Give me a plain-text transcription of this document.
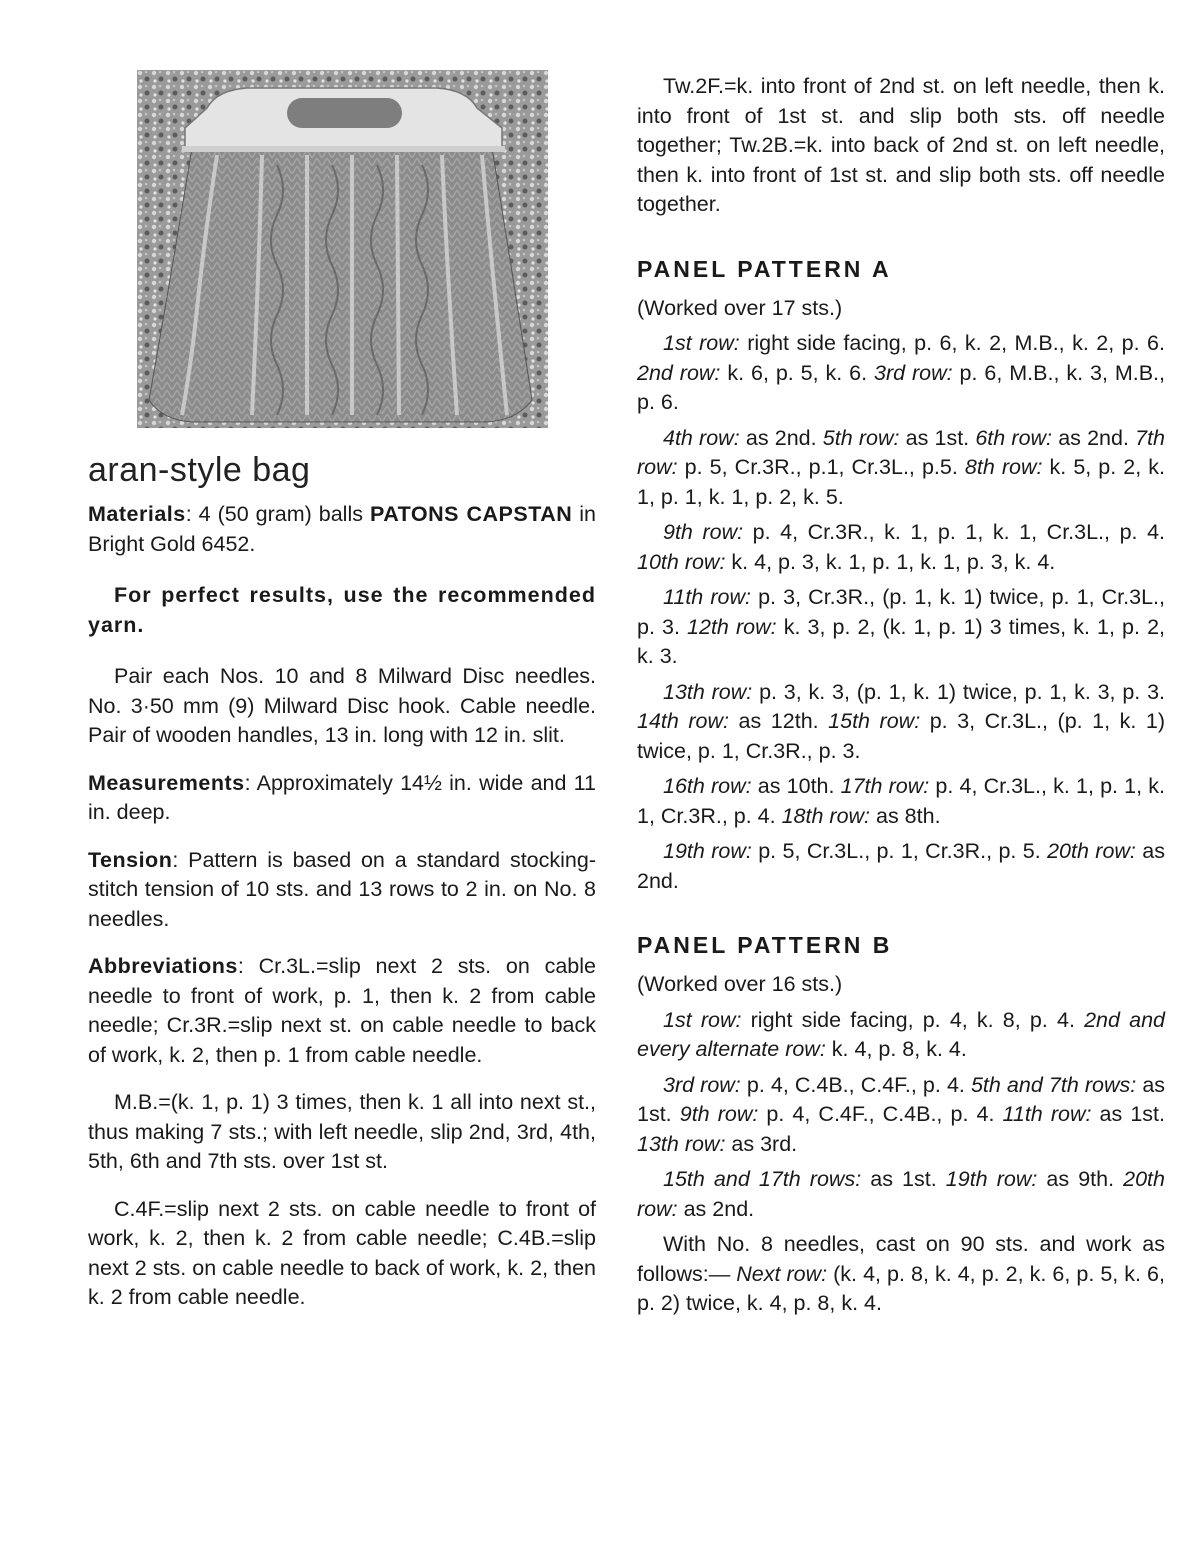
aran-style bag

Materials: 4 (50 gram) balls PATONS CAPSTAN in Bright Gold 6452.

For perfect results, use the recommended yarn.

Pair each Nos. 10 and 8 Milward Disc needles. No. 3·50 mm (9) Milward Disc hook. Cable needle. Pair of wooden handles, 13 in. long with 12 in. slit.

Measurements: Approximately 14½ in. wide and 11 in. deep.

Tension: Pattern is based on a standard stocking-stitch tension of 10 sts. and 13 rows to 2 in. on No. 8 needles.

Abbreviations: Cr.3L.=slip next 2 sts. on cable needle to front of work, p. 1, then k. 2 from cable needle; Cr.3R.=slip next st. on cable needle to back of work, k. 2, then p. 1 from cable needle.

M.B.=(k. 1, p. 1) 3 times, then k. 1 all into next st., thus making 7 sts.; with left needle, slip 2nd, 3rd, 4th, 5th, 6th and 7th sts. over 1st st.

C.4F.=slip next 2 sts. on cable needle to front of work, k. 2, then k. 2 from cable needle; C.4B.=slip next 2 sts. on cable needle to back of work, k. 2, then k. 2 from cable needle.

Tw.2F.=k. into front of 2nd st. on left needle, then k. into front of 1st st. and slip both sts. off needle together; Tw.2B.=k. into back of 2nd st. on left needle, then k. into front of 1st st. and slip both sts. off needle together.

PANEL PATTERN A

(Worked over 17 sts.)

1st row: right side facing, p. 6, k. 2, M.B., k. 2, p. 6. 2nd row: k. 6, p. 5, k. 6. 3rd row: p. 6, M.B., k. 3, M.B., p. 6.

4th row: as 2nd. 5th row: as 1st. 6th row: as 2nd. 7th row: p. 5, Cr.3R., p.1, Cr.3L., p.5. 8th row: k. 5, p. 2, k. 1, p. 1, k. 1, p. 2, k. 5.

9th row: p. 4, Cr.3R., k. 1, p. 1, k. 1, Cr.3L., p. 4. 10th row: k. 4, p. 3, k. 1, p. 1, k. 1, p. 3, k. 4.

11th row: p. 3, Cr.3R., (p. 1, k. 1) twice, p. 1, Cr.3L., p. 3. 12th row: k. 3, p. 2, (k. 1, p. 1) 3 times, k. 1, p. 2, k. 3.

13th row: p. 3, k. 3, (p. 1, k. 1) twice, p. 1, k. 3, p. 3. 14th row: as 12th. 15th row: p. 3, Cr.3L., (p. 1, k. 1) twice, p. 1, Cr.3R., p. 3.

16th row: as 10th. 17th row: p. 4, Cr.3L., k. 1, p. 1, k. 1, Cr.3R., p. 4. 18th row: as 8th.

19th row: p. 5, Cr.3L., p. 1, Cr.3R., p. 5. 20th row: as 2nd.

PANEL PATTERN B

(Worked over 16 sts.)

1st row: right side facing, p. 4, k. 8, p. 4. 2nd and every alternate row: k. 4, p. 8, k. 4.

3rd row: p. 4, C.4B., C.4F., p. 4. 5th and 7th rows: as 1st. 9th row: p. 4, C.4F., C.4B., p. 4. 11th row: as 1st. 13th row: as 3rd.

15th and 17th rows: as 1st. 19th row: as 9th. 20th row: as 2nd.

With No. 8 needles, cast on 90 sts. and work as follows:— Next row: (k. 4, p. 8, k. 4, p. 2, k. 6, p. 5, k. 6, p. 2) twice, k. 4, p. 8, k. 4.
